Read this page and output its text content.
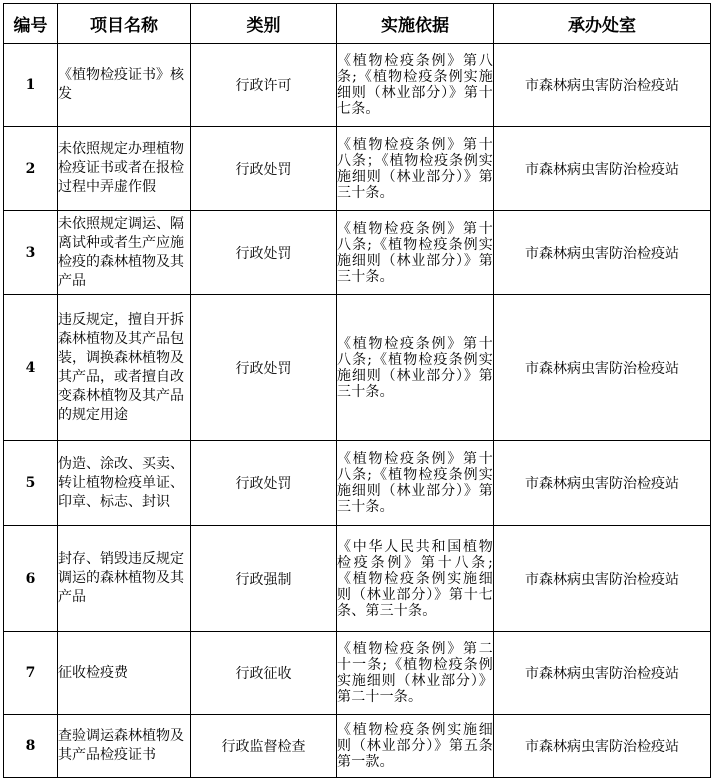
编号	项目名称	类别	实施依据	承办处室
1	《植物检疫证书》核发	行政许可	《植物检疫条例》第八条;《植物检疫条例实施细则（林业部分）》第十七条。	市森林病虫害防治检疫站
2	未依照规定办理植物检疫证书或者在报检过程中弄虚作假	行政处罚	《植物检疫条例》第十八条；《植物检疫条例实施细则（林业部分）》第三十条。	市森林病虫害防治检疫站
3	未依照规定调运、隔离试种或者生产应施检疫的森林植物及其产品	行政处罚	《植物检疫条例》第十八条;《植物检疫条例实施细则（林业部分）》第三十条。	市森林病虫害防治检疫站
4	违反规定，擅自开拆森林植物及其产品包装，调换森林植物及其产品，或者擅自改变森林植物及其产品的规定用途	行政处罚	《植物检疫条例》第十八条;《植物检疫条例实施细则（林业部分）》第三十条。	市森林病虫害防治检疫站
5	伪造、涂改、买卖、转让植物检疫单证、印章、标志、封识	行政处罚	《植物检疫条例》第十八条;《植物检疫条例实施细则（林业部分）》第三十条。	市森林病虫害防治检疫站
6	封存、销毁违反规定调运的森林植物及其产品	行政强制	《中华人民共和国植物检疫条例》第十八条;《植物检疫条例实施细则（林业部分）》第十七条、第三十条。	市森林病虫害防治检疫站
7	征收检疫费	行政征收	《植物检疫条例》第二十一条;《植物检疫条例实施细则（林业部分）》第二十一条。	市森林病虫害防治检疫站
8	查验调运森林植物及其产品检疫证书	行政监督检查	《植物检疫条例实施细则（林业部分）》第五条第一款。	市森林病虫害防治检疫站
